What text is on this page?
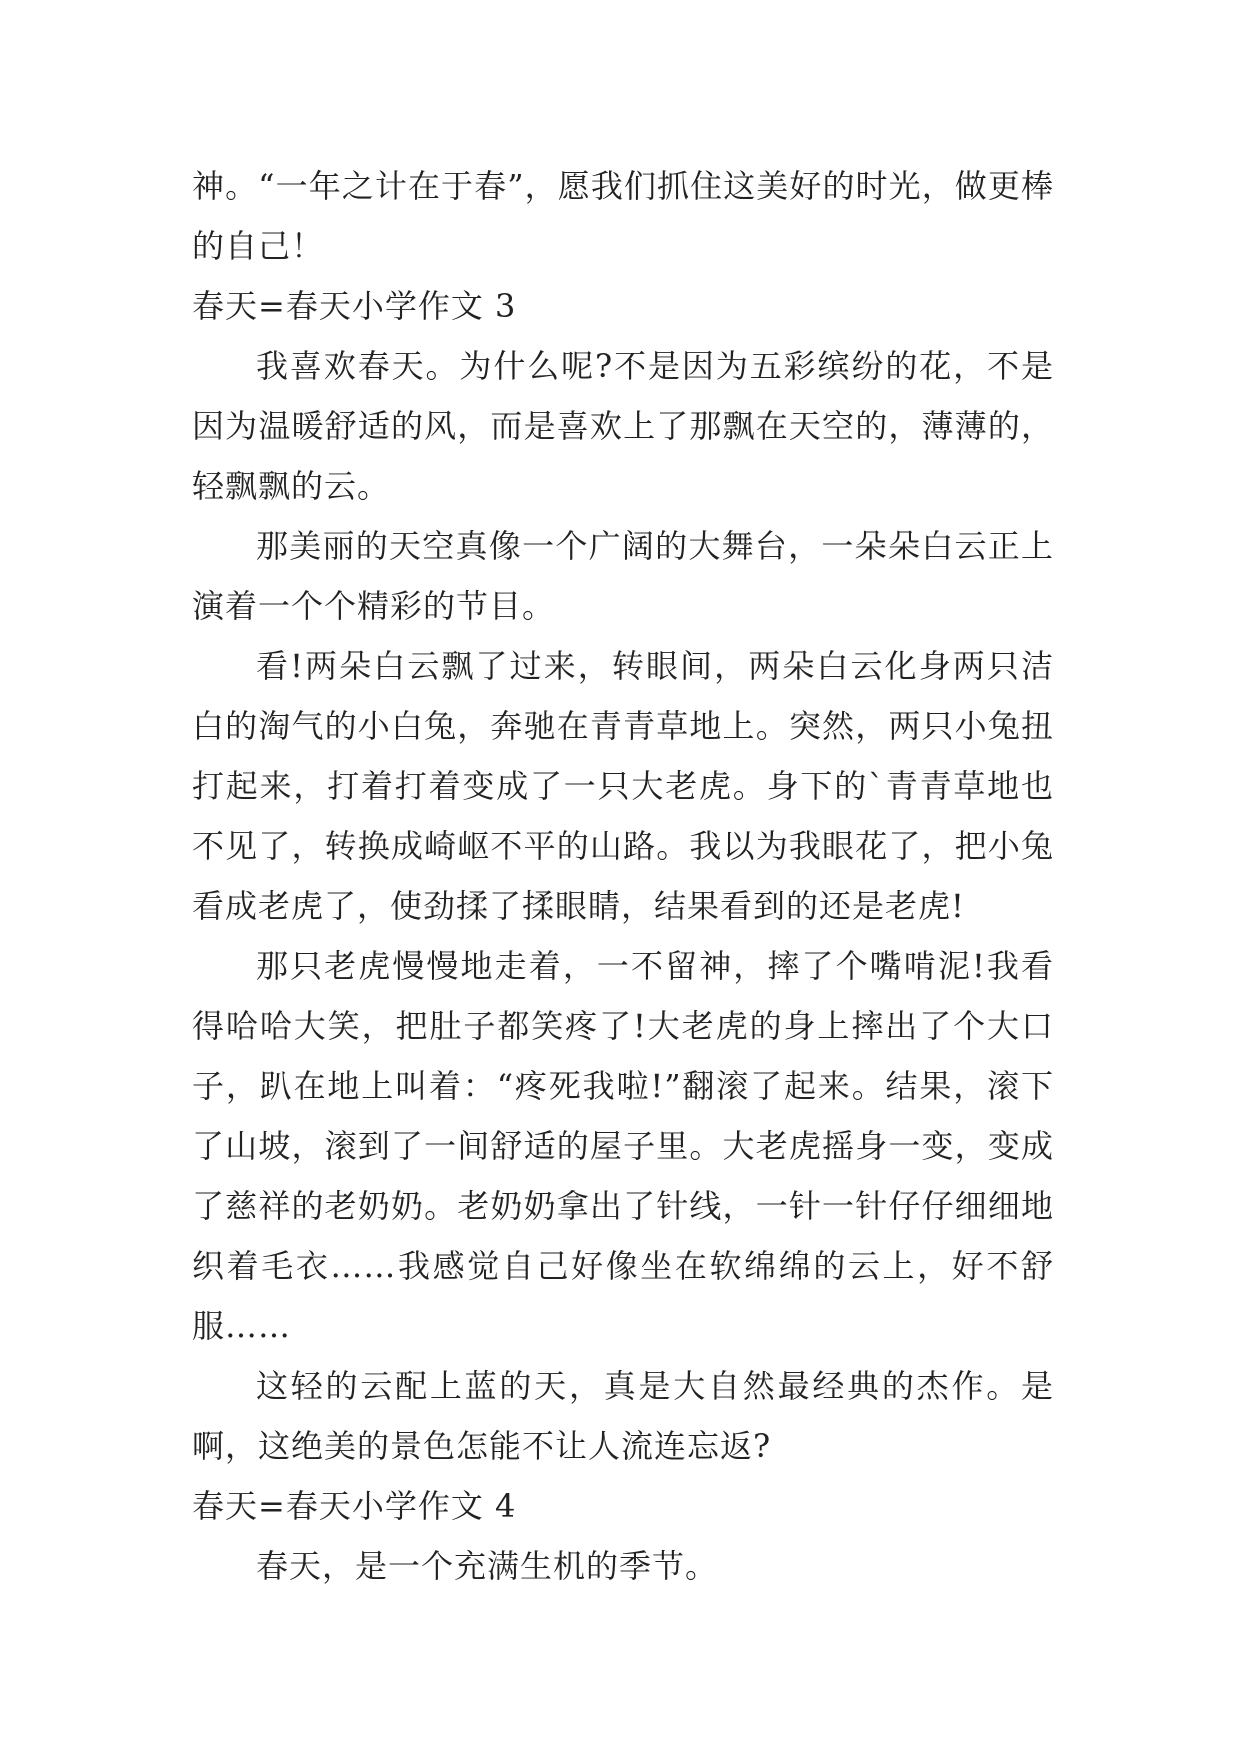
神。“一年之计在于春”，愿我们抓住这美好的时光，做更棒的自己！

春天=春天小学作文 3

我喜欢春天。为什么呢?不是因为五彩缤纷的花，不是因为温暖舒适的风，而是喜欢上了那飘在天空的，薄薄的，轻飘飘的云。

那美丽的天空真像一个广阔的大舞台，一朵朵白云正上演着一个个精彩的节目。

看!两朵白云飘了过来，转眼间，两朵白云化身两只洁白的淘气的小白兔，奔驰在青青草地上。突然，两只小兔扭打起来，打着打着变成了一只大老虎。身下的`青青草地也不见了，转换成崎岖不平的山路。我以为我眼花了，把小兔看成老虎了，使劲揉了揉眼睛，结果看到的还是老虎!

那只老虎慢慢地走着，一不留神，摔了个嘴啃泥!我看得哈哈大笑，把肚子都笑疼了!大老虎的身上摔出了个大口子，趴在地上叫着：“疼死我啦!”翻滚了起来。结果，滚下了山坡，滚到了一间舒适的屋子里。大老虎摇身一变，变成了慈祥的老奶奶。老奶奶拿出了针线，一针一针仔仔细细地织着毛衣……我感觉自己好像坐在软绵绵的云上，好不舒服……

这轻的云配上蓝的天，真是大自然最经典的杰作。是啊，这绝美的景色怎能不让人流连忘返?

春天=春天小学作文 4

春天，是一个充满生机的季节。
